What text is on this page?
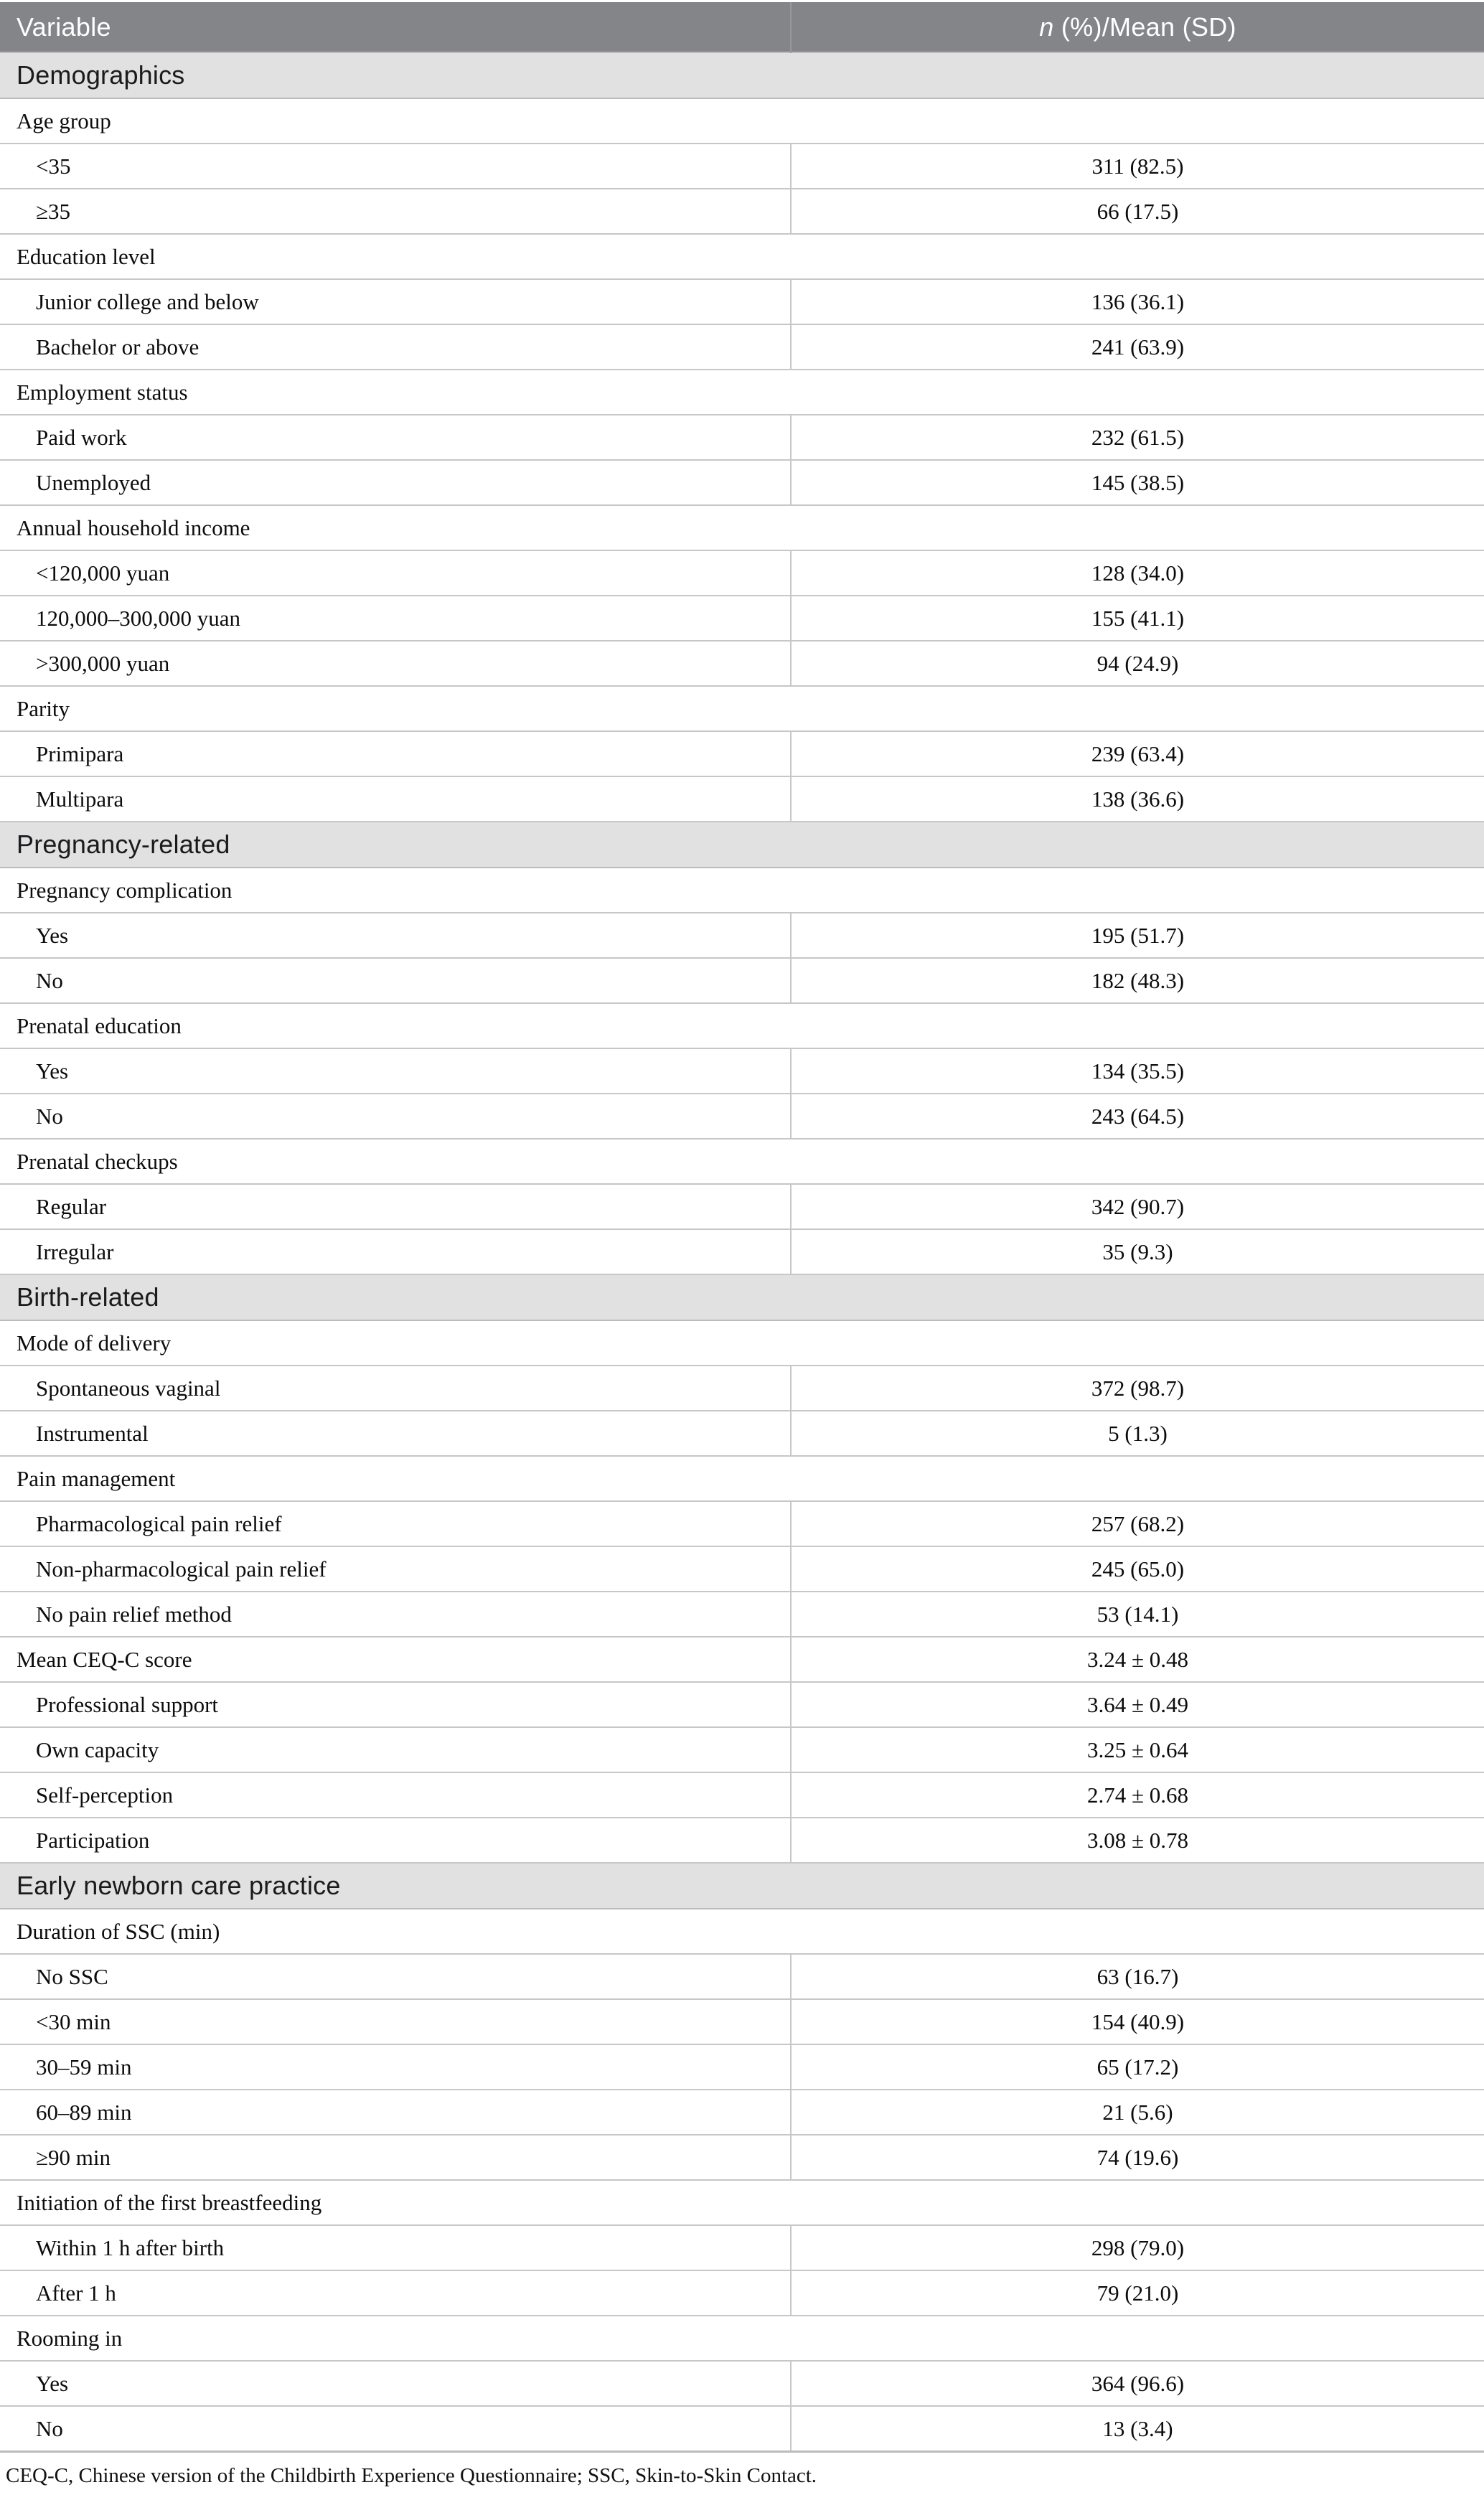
Variable	n (%)/Mean (SD)
Demographics	
Age group	
<35	311 (82.5)
≥35	66 (17.5)
Education level	
Junior college and below	136 (36.1)
Bachelor or above	241 (63.9)
Employment status	
Paid work	232 (61.5)
Unemployed	145 (38.5)
Annual household income	
<120,000 yuan	128 (34.0)
120,000–300,000 yuan	155 (41.1)
>300,000 yuan	94 (24.9)
Parity	
Primipara	239 (63.4)
Multipara	138 (36.6)
Pregnancy-related	
Pregnancy complication	
Yes	195 (51.7)
No	182 (48.3)
Prenatal education	
Yes	134 (35.5)
No	243 (64.5)
Prenatal checkups	
Regular	342 (90.7)
Irregular	35 (9.3)
Birth-related	
Mode of delivery	
Spontaneous vaginal	372 (98.7)
Instrumental	5 (1.3)
Pain management	
Pharmacological pain relief	257 (68.2)
Non-pharmacological pain relief	245 (65.0)
No pain relief method	53 (14.1)
Mean CEQ-C score	3.24 ± 0.48
Professional support	3.64 ± 0.49
Own capacity	3.25 ± 0.64
Self-perception	2.74 ± 0.68
Participation	3.08 ± 0.78
Early newborn care practice	
Duration of SSC (min)	
No SSC	63 (16.7)
<30 min	154 (40.9)
30–59 min	65 (17.2)
60–89 min	21 (5.6)
≥90 min	74 (19.6)
Initiation of the first breastfeeding	
Within 1 h after birth	298 (79.0)
After 1 h	79 (21.0)
Rooming in	
Yes	364 (96.6)
No	13 (3.4)
CEQ-C, Chinese version of the Childbirth Experience Questionnaire; SSC, Skin-to-Skin Contact.
